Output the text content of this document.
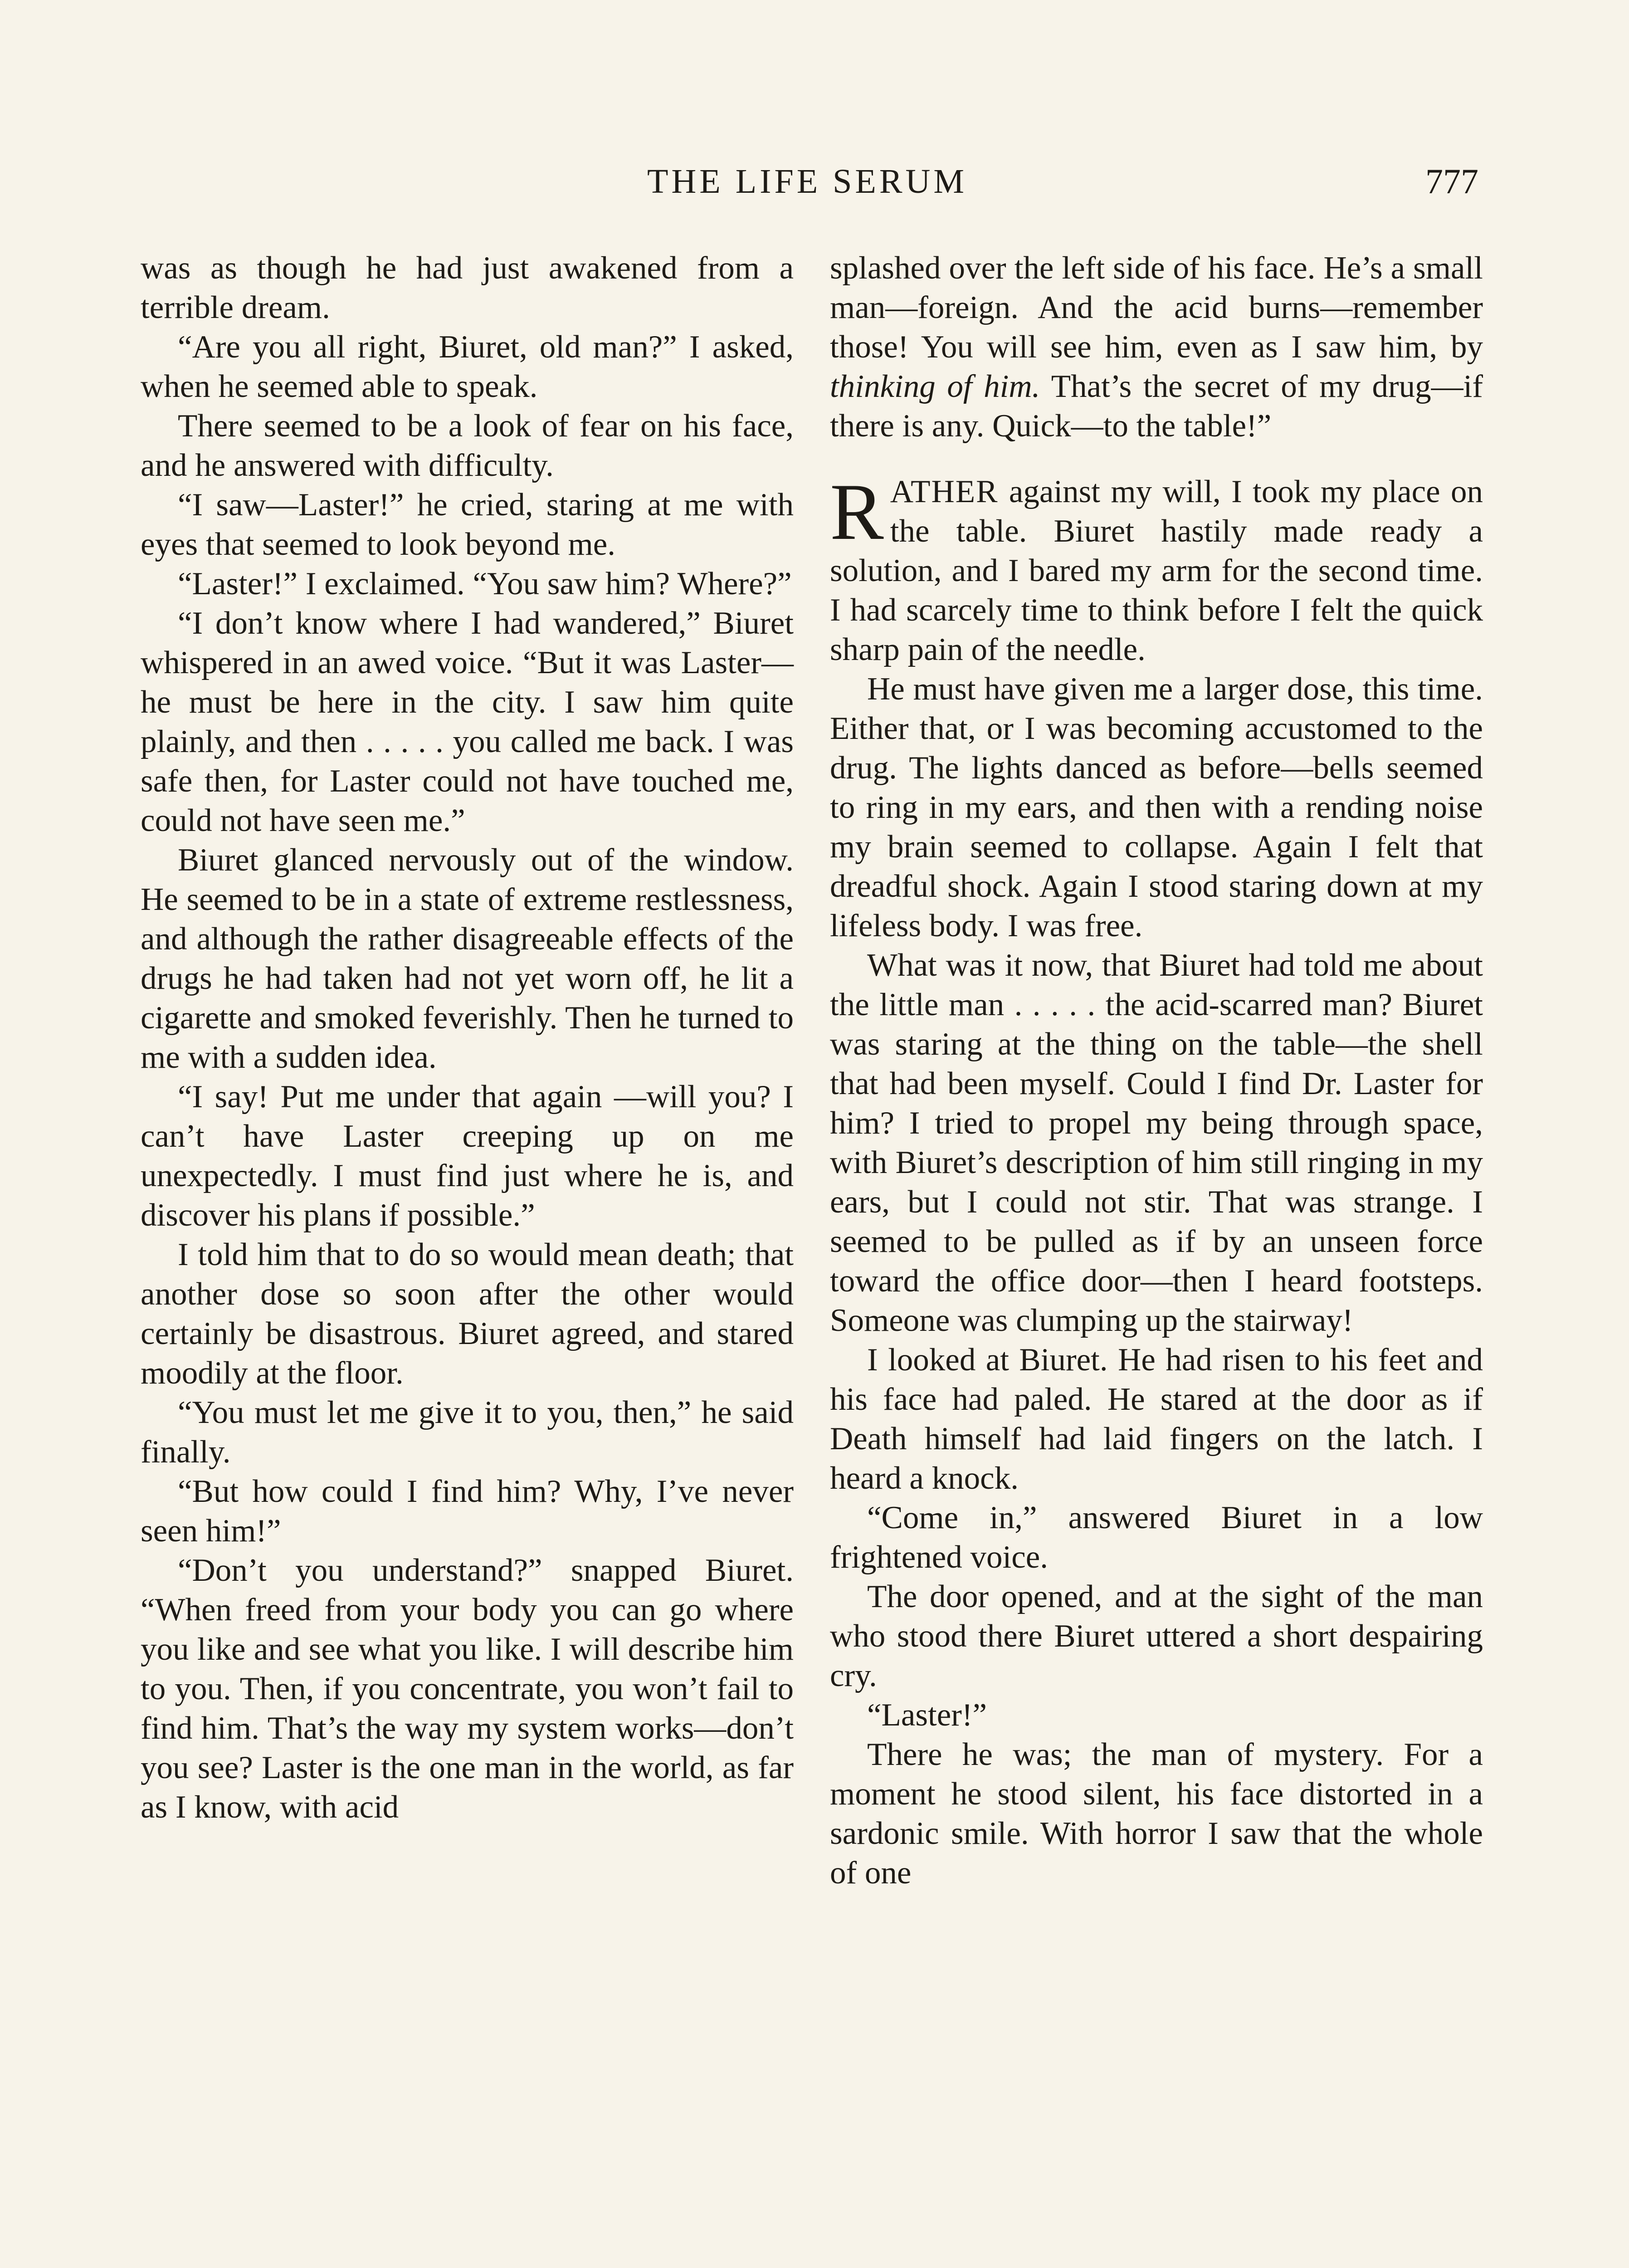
THE LIFE SERUM	777

was as though he had just awakened from a terrible dream.

“Are you all right, Biuret, old man?” I asked, when he seemed able to speak.

There seemed to be a look of fear on his face, and he answered with difficulty.

“I saw—Laster!” he cried, staring at me with eyes that seemed to look beyond me.

“Laster!” I exclaimed. “You saw him? Where?”

“I don’t know where I had wandered,” Biuret whispered in an awed voice. “But it was Laster—he must be here in the city. I saw him quite plainly, and then . . . . . you called me back. I was safe then, for Laster could not have touched me, could not have seen me.”

Biuret glanced nervously out of the window. He seemed to be in a state of extreme restlessness, and although the rather disagreeable effects of the drugs he had taken had not yet worn off, he lit a cigarette and smoked feverishly. Then he turned to me with a sudden idea.

“I say! Put me under that again —will you? I can’t have Laster creeping up on me unexpectedly. I must find just where he is, and discover his plans if possible.”

I told him that to do so would mean death; that another dose so soon after the other would certainly be disastrous. Biuret agreed, and stared moodily at the floor.

“You must let me give it to you, then,” he said finally.

“But how could I find him? Why, I’ve never seen him!”

“Don’t you understand?” snapped Biuret. “When freed from your body you can go where you like and see what you like. I will describe him to you. Then, if you concentrate, you won’t fail to find him. That’s the way my system works—don’t you see? Laster is the one man in the world, as far as I know, with acid

splashed over the left side of his face. He’s a small man—foreign. And the acid burns—remember those! You will see him, even as I saw him, by thinking of him. That’s the secret of my drug—if there is any. Quick—to the table!”

RATHER against my will, I took my place on the table. Biuret hastily made ready a solution, and I bared my arm for the second time. I had scarcely time to think before I felt the quick sharp pain of the needle.

He must have given me a larger dose, this time. Either that, or I was becoming accustomed to the drug. The lights danced as before—bells seemed to ring in my ears, and then with a rending noise my brain seemed to collapse. Again I felt that dreadful shock. Again I stood staring down at my lifeless body. I was free.

What was it now, that Biuret had told me about the little man . . . . . the acid-scarred man? Biuret was staring at the thing on the table—the shell that had been myself. Could I find Dr. Laster for him? I tried to propel my being through space, with Biuret’s description of him still ringing in my ears, but I could not stir. That was strange. I seemed to be pulled as if by an unseen force toward the office door—then I heard footsteps. Someone was clumping up the stairway!

I looked at Biuret. He had risen to his feet and his face had paled. He stared at the door as if Death himself had laid fingers on the latch. I heard a knock.

“Come in,” answered Biuret in a low frightened voice.

The door opened, and at the sight of the man who stood there Biuret uttered a short despairing cry.

“Laster!”

There he was; the man of mystery. For a moment he stood silent, his face distorted in a sardonic smile. With horror I saw that the whole of one
